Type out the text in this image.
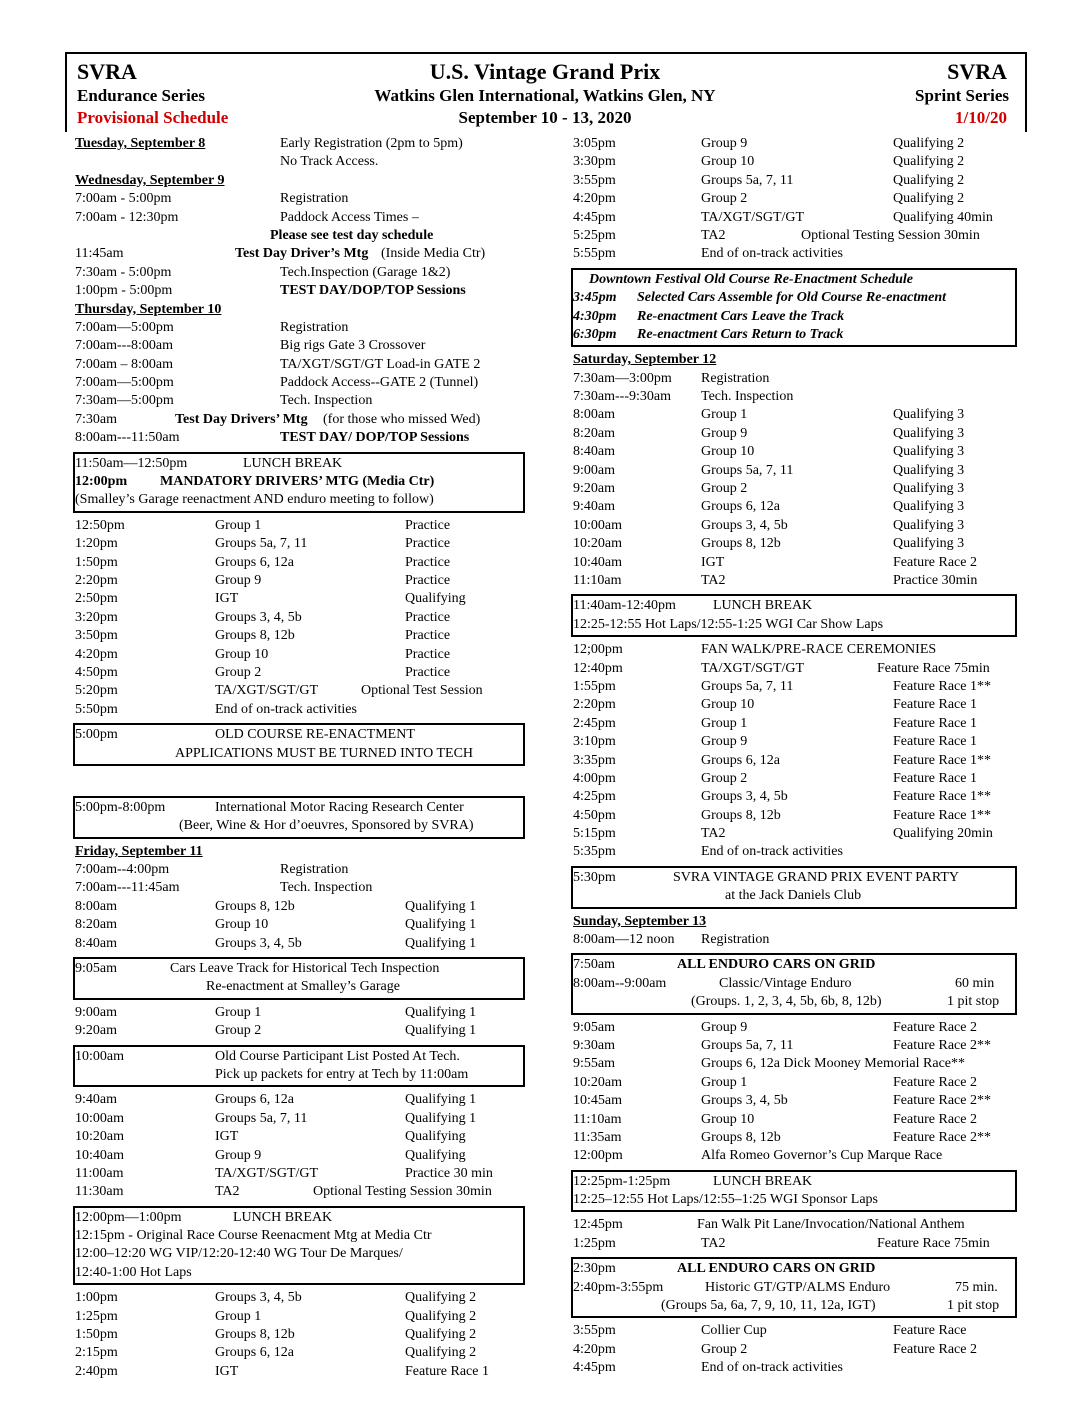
SVRA
Endurance Series
Provisional Schedule
U.S. Vintage Grand Prix
Watkins Glen International, Watkins Glen, NY
September 10 - 13, 2020
SVRA
Sprint Series
1/10/20
Tuesday, September 8	Early Registration (2pm to 5pm)
No Track Access.
Wednesday, September 9
7:00am - 5:00pm	Registration
7:00am - 12:30pm	Paddock Access Times –
Please see test day schedule
11:45am	Test Day Driver’s Mtg (Inside Media Ctr)
7:30am - 5:00pm	Tech.Inspection (Garage 1&2)
1:00pm - 5:00pm	TEST DAY/DOP/TOP Sessions
Thursday, September 10
7:00am—5:00pm	Registration
7:00am---8:00am	Big rigs Gate 3 Crossover
7:00am – 8:00am	TA/XGT/SGT/GT Load-in GATE 2
7:00am—5:00pm	Paddock Access--GATE 2 (Tunnel)
7:30am—5:00pm	Tech. Inspection
7:30am	Test Day Drivers’ Mtg (for those who missed Wed)
8:00am---11:50am	TEST DAY/ DOP/TOP Sessions
11:50am—12:50pm	LUNCH BREAK
12:00pm MANDATORY DRIVERS’ MTG (Media Ctr)
(Smalley’s Garage reenactment AND enduro meeting to follow)
12:50pm	Group 1	Practice
1:20pm	Groups 5a, 7, 11	Practice
1:50pm	Groups 6, 12a	Practice
2:20pm	Group 9	Practice
2:50pm	IGT	Qualifying
3:20pm	Groups 3, 4, 5b	Practice
3:50pm	Groups 8, 12b	Practice
4:20pm	Group 10	Practice
4:50pm	Group 2	Practice
5:20pm	TA/XGT/SGT/GT	Optional Test Session
5:50pm	End of on-track activities
5:00pm	OLD COURSE RE-ENACTMENT
APPLICATIONS MUST BE TURNED INTO TECH
5:00pm-8:00pm	International Motor Racing Research Center
(Beer, Wine & Hor d’oeuvres, Sponsored by SVRA)
Friday, September 11
7:00am--4:00pm	Registration
7:00am---11:45am	Tech. Inspection
8:00am	Groups 8, 12b	Qualifying 1
8:20am	Group 10	Qualifying 1
8:40am	Groups 3, 4, 5b	Qualifying 1
9:05am	Cars Leave Track for Historical Tech Inspection
Re-enactment at Smalley’s Garage
9:00am	Group 1	Qualifying 1
9:20am	Group 2	Qualifying 1
10:00am	Old Course Participant List Posted At Tech.
Pick up packets for entry at Tech by 11:00am
9:40am	Groups 6, 12a	Qualifying 1
10:00am	Groups 5a, 7, 11	Qualifying 1
10:20am	IGT	Qualifying
10:40am	Group 9	Qualifying
11:00am	TA/XGT/SGT/GT	Practice 30 min
11:30am	TA2	Optional Testing Session 30min
12:00pm—1:00pm	LUNCH BREAK
12:15pm - Original Race Course Reenacment Mtg at Media Ctr
12:00–12:20 WG VIP/12:20-12:40 WG Tour De Marques/
12:40-1:00 Hot Laps
1:00pm	Groups 3, 4, 5b	Qualifying 2
1:25pm	Group 1	Qualifying 2
1:50pm	Groups 8, 12b	Qualifying 2
2:15pm	Groups 6, 12a	Qualifying 2
2:40pm	IGT	Feature Race 1
3:05pm	Group 9	Qualifying 2
3:30pm	Group 10	Qualifying 2
3:55pm	Groups 5a, 7, 11	Qualifying 2
4:20pm	Group 2	Qualifying 2
4:45pm	TA/XGT/SGT/GT	Qualifying 40min
5:25pm	TA2	Optional Testing Session 30min
5:55pm	End of on-track activities
Downtown Festival Old Course Re-Enactment Schedule
3:45pm Selected Cars Assemble for Old Course Re-enactment
4:30pm Re-enactment Cars Leave the Track
6:30pm Re-enactment Cars Return to Track
Saturday, September 12
7:30am—3:00pm Registration
7:30am---9:30am Tech. Inspection
8:00am	Group 1	Qualifying 3
8:20am	Group 9	Qualifying 3
8:40am	Group 10	Qualifying 3
9:00am	Groups 5a, 7, 11	Qualifying 3
9:20am	Group 2	Qualifying 3
9:40am	Groups 6, 12a	Qualifying 3
10:00am	Groups 3, 4, 5b	Qualifying 3
10:20am	Groups 8, 12b	Qualifying 3
10:40am	IGT	Feature Race 2
11:10am	TA2	Practice 30min
11:40am-12:40pm	LUNCH BREAK
12:25-12:55 Hot Laps/12:55-1:25 WGI Car Show Laps
12;00pm	FAN WALK/PRE-RACE CEREMONIES
12:40pm	TA/XGT/SGT/GT	Feature Race 75min
1:55pm	Groups 5a, 7, 11	Feature Race 1**
2:20pm	Group 10	Feature Race 1
2:45pm	Group 1	Feature Race 1
3:10pm	Group 9	Feature Race 1
3:35pm	Groups 6, 12a	Feature Race 1**
4:00pm	Group 2	Feature Race 1
4:25pm	Groups 3, 4, 5b	Feature Race 1**
4:50pm	Groups 8, 12b	Feature Race 1**
5:15pm	TA2	Qualifying 20min
5:35pm	End of on-track activities
5:30pm	SVRA VINTAGE GRAND PRIX EVENT PARTY
at the Jack Daniels Club
Sunday, September 13
8:00am—12 noon Registration
7:50am	ALL ENDURO CARS ON GRID
8:00am--9:00am	Classic/Vintage Enduro	60 min
(Groups. 1, 2, 3, 4, 5b, 6b, 8, 12b)	1 pit stop
9:05am	Group 9	Feature Race 2
9:30am	Groups 5a, 7, 11	Feature Race 2**
9:55am	Groups 6, 12a Dick Mooney Memorial Race**
10:20am	Group 1	Feature Race 2
10:45am	Groups 3, 4, 5b	Feature Race 2**
11:10am	Group 10	Feature Race 2
11:35am	Groups 8, 12b	Feature Race 2**
12:00pm	Alfa Romeo Governor’s Cup Marque Race
12:25pm-1:25pm	LUNCH BREAK
12:25–12:55 Hot Laps/12:55–1:25 WGI Sponsor Laps
12:45pm	Fan Walk Pit Lane/Invocation/National Anthem
1:25pm	TA2	Feature Race 75min
2:30pm	ALL ENDURO CARS ON GRID
2:40pm-3:55pm	Historic GT/GTP/ALMS Enduro	75 min.
(Groups 5a, 6a, 7, 9, 10, 11, 12a, IGT)	1 pit stop
3:55pm	Collier Cup	Feature Race
4:20pm	Group 2	Feature Race 2
4:45pm	End of on-track activities
